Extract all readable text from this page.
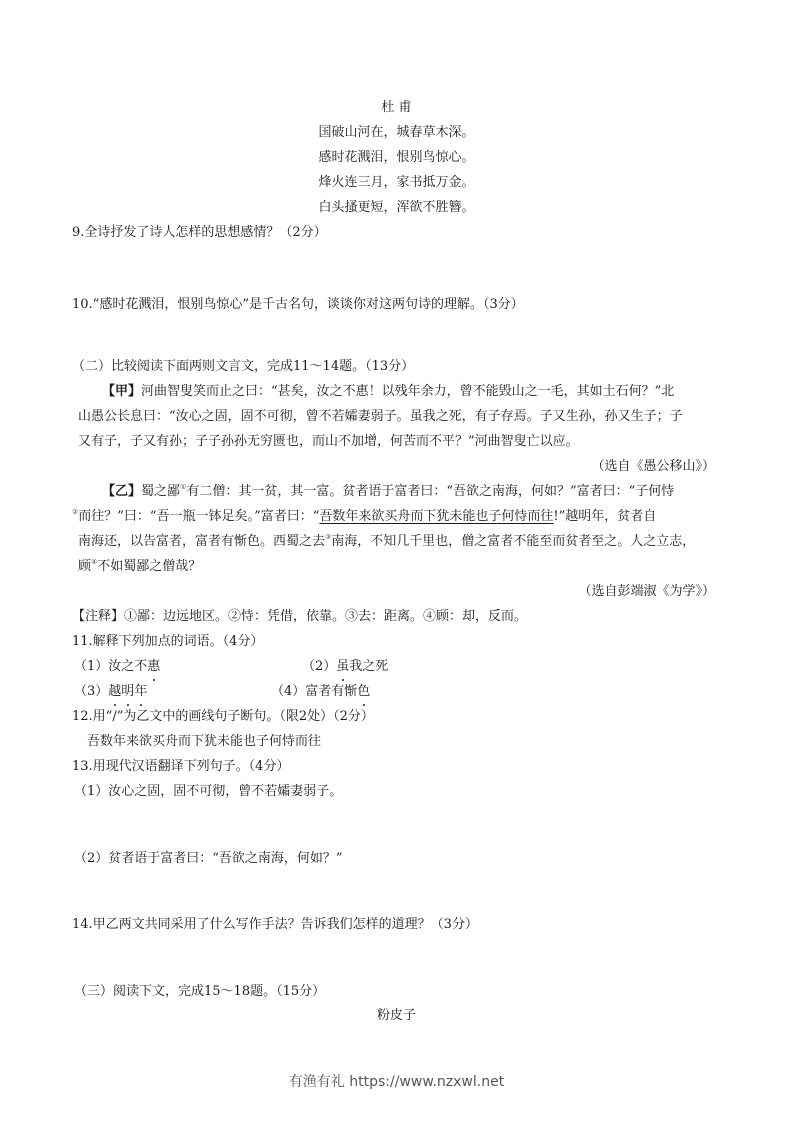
杜 甫
国破山河在，城春草木深。
感时花溅泪，恨别鸟惊心。
烽火连三月，家书抵万金。
白头搔更短，浑欲不胜簪。
9.全诗抒发了诗人怎样的思想感情？（2分）
10.“感时花溅泪，恨别鸟惊心”是千古名句，谈谈你对这两句诗的理解。（3分）
（二）比较阅读下面两则文言文，完成11～14题。（13分）
【甲】河曲智叟笑而止之曰：“甚矣，汝之不惠！以残年余力，曾不能毁山之一毛，其如土石何？”北
山愚公长息曰：“汝心之固，固不可彻，曾不若孀妻弱子。虽我之死，有子存焉。子又生孙，孙又生子；子
又有子，子又有孙；子子孙孙无穷匮也，而山不加增，何苦而不平？”河曲智叟亡以应。
（选自《愚公移山》）
【乙】蜀之鄙①有二僧：其一贫，其一富。贫者语于富者曰：“吾欲之南海，何如？”富者曰：“子何恃
②而往？”曰：“吾一瓶一钵足矣。”富者曰：“吾数年来欲买舟而下犹未能也子何恃而往!”越明年，贫者自
南海还，以告富者，富者有惭色。西蜀之去③南海，不知几千里也，僧之富者不能至而贫者至之。人之立志，
顾④不如蜀鄙之僧哉？
（选自彭端淑《为学》）
【注释】①鄙：边远地区。②恃：凭借，依靠。③去：距离。④顾：却，反而。
11.解释下列加点的词语。（4分）
（1）汝之不惠	（2）虽我之死
（3）越明年	（4）富者有惭色
12.用“/”为乙文中的画线句子断句。（限2处）（2分）
吾数年来欲买舟而下犹未能也子何恃而往
13.用现代汉语翻译下列句子。（4分）
（1）汝心之固，固不可彻，曾不若孀妻弱子。
（2）贫者语于富者曰：“吾欲之南海，何如？”
14.甲乙两文共同采用了什么写作手法？告诉我们怎样的道理？（3分）
（三）阅读下文，完成15～18题。（15分）
粉皮子
有渔有礼 https://www.nzxwl.net
